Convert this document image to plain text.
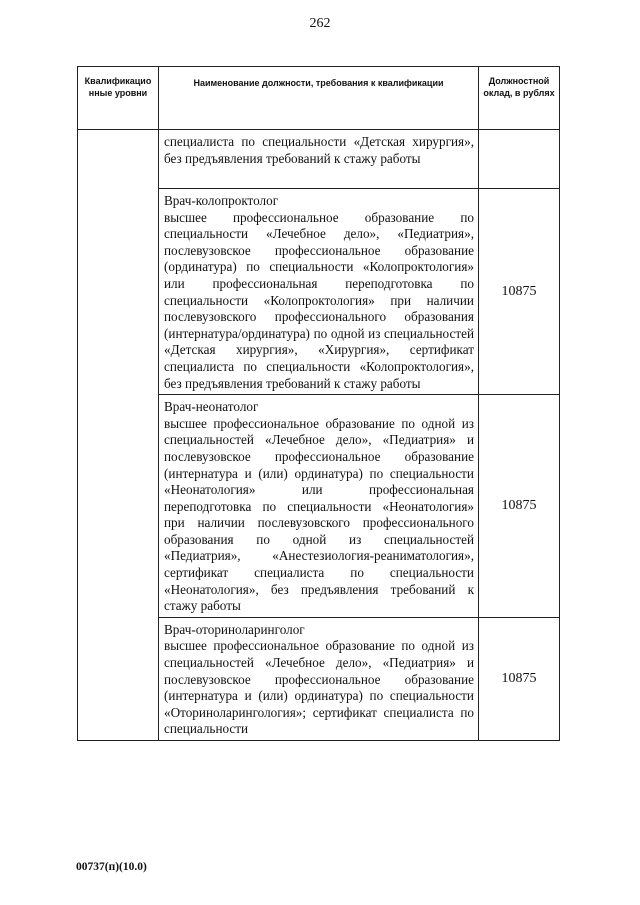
262
Квалификацио нные уровни	Наименование должности, требования к квалификации	Должностной оклад, в рублях
	специалиста по специальности «Детская хирургия», без предъявления требований к стажу работы	

	Врач-колопроктолог
высшее профессиональное образование по специальности «Лечебное дело», «Педиатрия», послевузовское профессиональное образование (ординатура) по специальности «Колопроктология» или профессиональная переподготовка по специальности «Колопроктология» при наличии послевузовского профессионального образования (интернатура/ординатура) по одной из специальностей «Детская хирургия», «Хирургия», сертификат специалиста по специальности «Колопроктология», без предъявления требований к стажу работы	10875

	Врач-неонатолог
высшее профессиональное образование по одной из специальностей «Лечебное дело», «Педиатрия» и послевузовское профессиональное образование (интернатура и (или) ординатура) по специальности «Неонатология» или профессиональная переподготовка по специальности «Неонатология» при наличии послевузовского профессионального образования по одной из специальностей «Педиатрия», «Анестезиология-реаниматология», сертификат специалиста по специальности «Неонатология», без предъявления требований к стажу работы	10875

	Врач-оториноларинголог
высшее профессиональное образование по одной из специальностей «Лечебное дело», «Педиатрия» и послевузовское профессиональное образование (интернатура и (или) ординатура) по специальности «Оториноларингология»; сертификат специалиста по специальности	10875
00737(п)(10.0)
